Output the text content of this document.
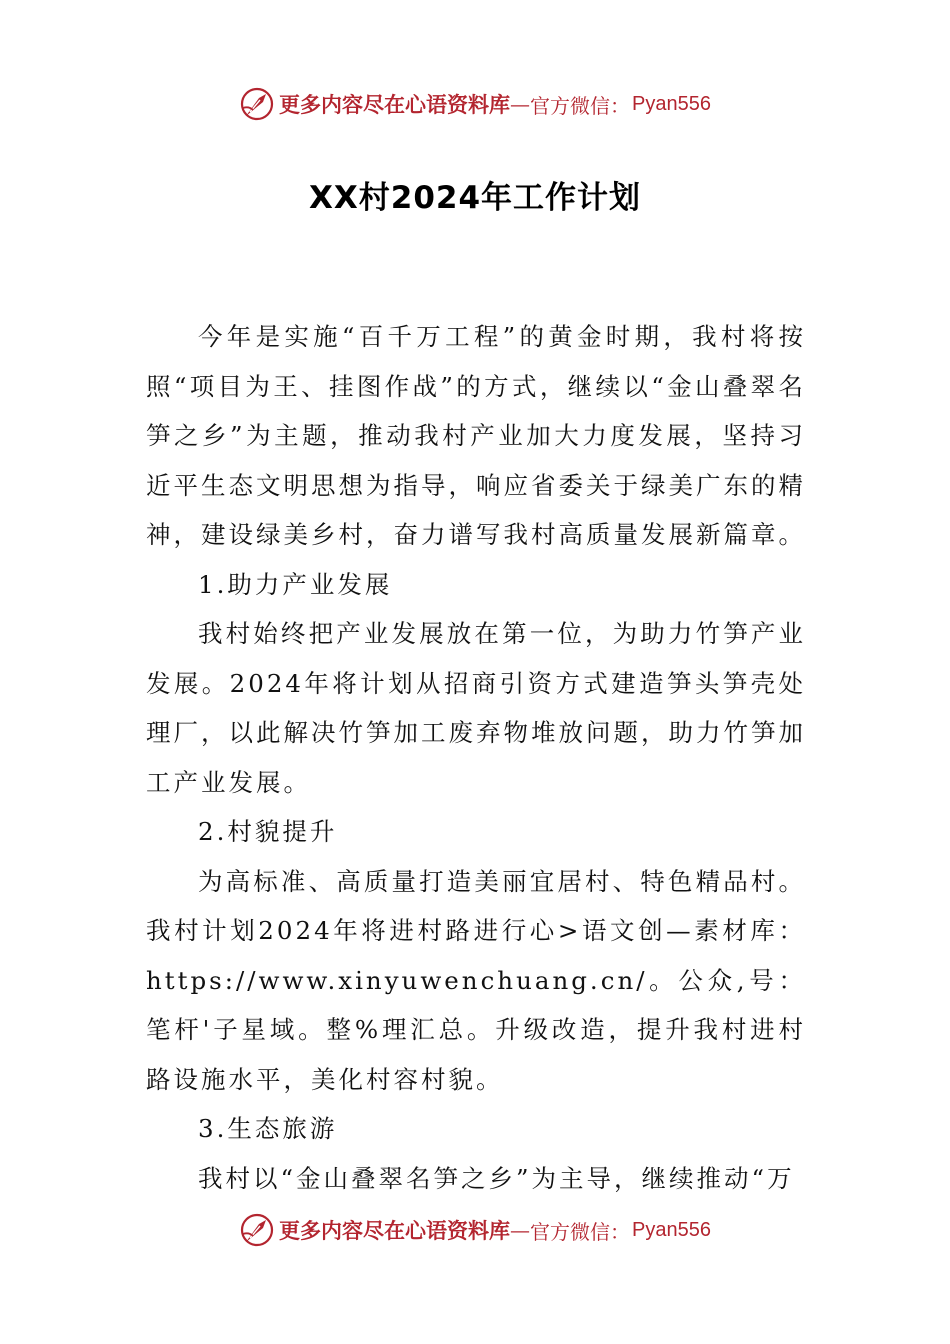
更多内容尽在心语资料库 — 官方微信： Pyan556
XX村2024年工作计划

今年是实施“百千万工程”的黄金时期，我村将按照“项目为王、挂图作战”的方式，继续以“金山叠翠名笋之乡”为主题，推动我村产业加大力度发展，坚持习近平生态文明思想为指导，响应省委关于绿美广东的精神，建设绿美乡村，奋力谱写我村高质量发展新篇章。

1.助力产业发展

我村始终把产业发展放在第一位，为助力竹笋产业发展。2024年将计划从招商引资方式建造笋头笋壳处理厂，以此解决竹笋加工废弃物堆放问题，助力竹笋加工产业发展。

2.村貌提升

为高标准、高质量打造美丽宜居村、特色精品村。我村计划2024年将进村路进行心>语文创—素材库：https://www.xinyuwenchuang.cn/。公众,号：笔杆'子星域。整%理汇总。升级改造，提升我村进村路设施水平，美化村容村貌。

3.生态旅游

我村以“金山叠翠名笋之乡”为主导，继续推动“万

更多内容尽在心语资料库 — 官方微信： Pyan556
